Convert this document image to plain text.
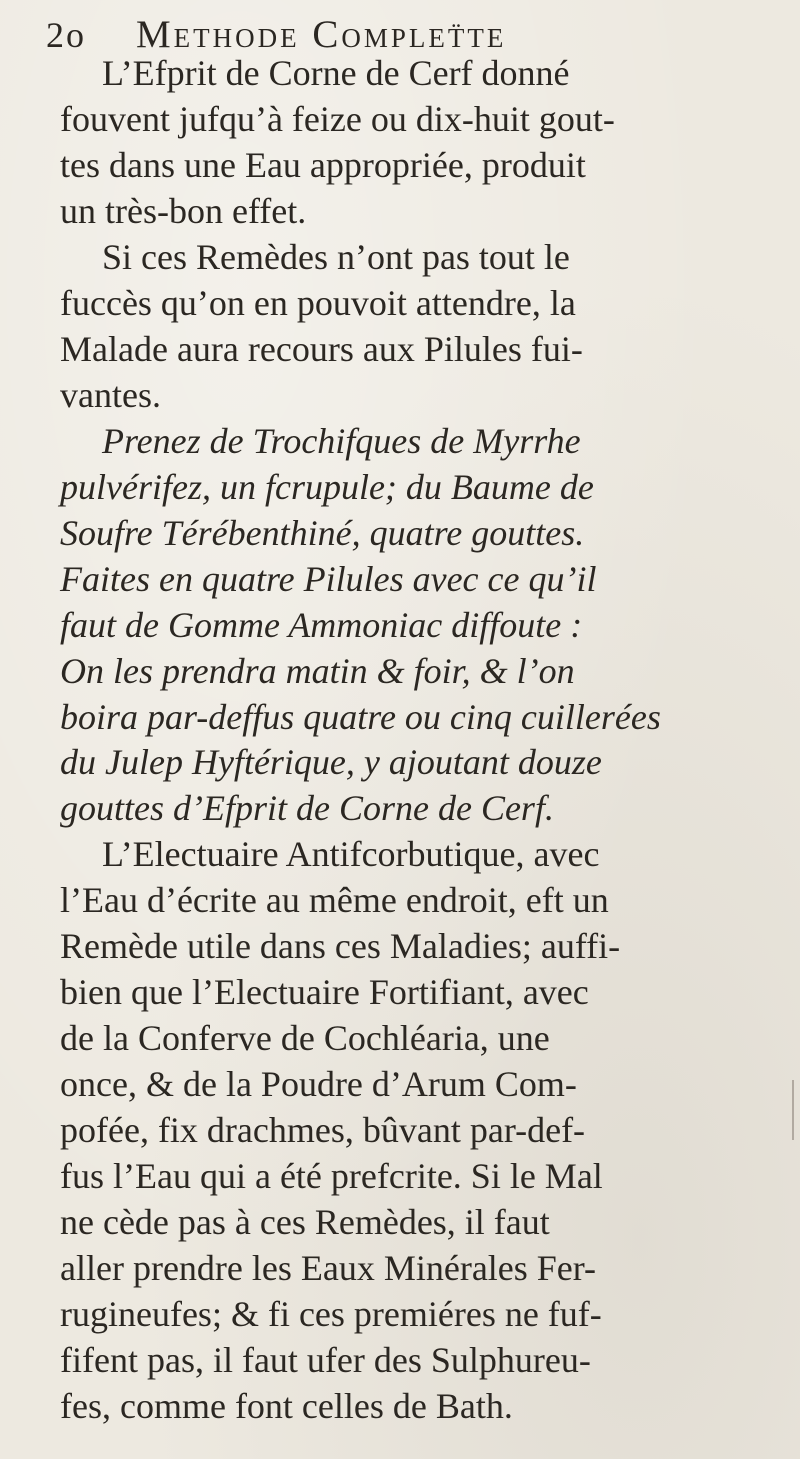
2o Methode Compleẗte
L’Efprit de Corne de Cerf donné
fouvent jufqu’à feize ou dix-huit gout-
tes dans une Eau appropriée, produit
un très-bon effet.
Si ces Remèdes n’ont pas tout le
fuccès qu’on en pouvoit attendre, la
Malade aura recours aux Pilules fui-
vantes.
Prenez de Trochifques de Myrrhe
pulvérifez, un fcrupule; du Baume de
Soufre Térébenthiné, quatre gouttes.
Faites en quatre Pilules avec ce qu’il
faut de Gomme Ammoniac diffoute :
On les prendra matin & foir, & l’on
boira par-deffus quatre ou cinq cuillerées
du Julep Hyftérique, y ajoutant douze
gouttes d’Efprit de Corne de Cerf.
L’Electuaire Antifcorbutique, avec
l’Eau d’écrite au même endroit, eft un
Remède utile dans ces Maladies; auffi-
bien que l’Electuaire Fortifiant, avec
de la Conferve de Cochléaria, une
once, & de la Poudre d’Arum Com-
pofée, fix drachmes, bûvant par-def-
fus l’Eau qui a été prefcrite. Si le Mal
ne cède pas à ces Remèdes, il faut
aller prendre les Eaux Minérales Fer-
rugineufes; & fi ces premiéres ne fuf-
fifent pas, il faut ufer des Sulphureu-
fes, comme font celles de Bath.
